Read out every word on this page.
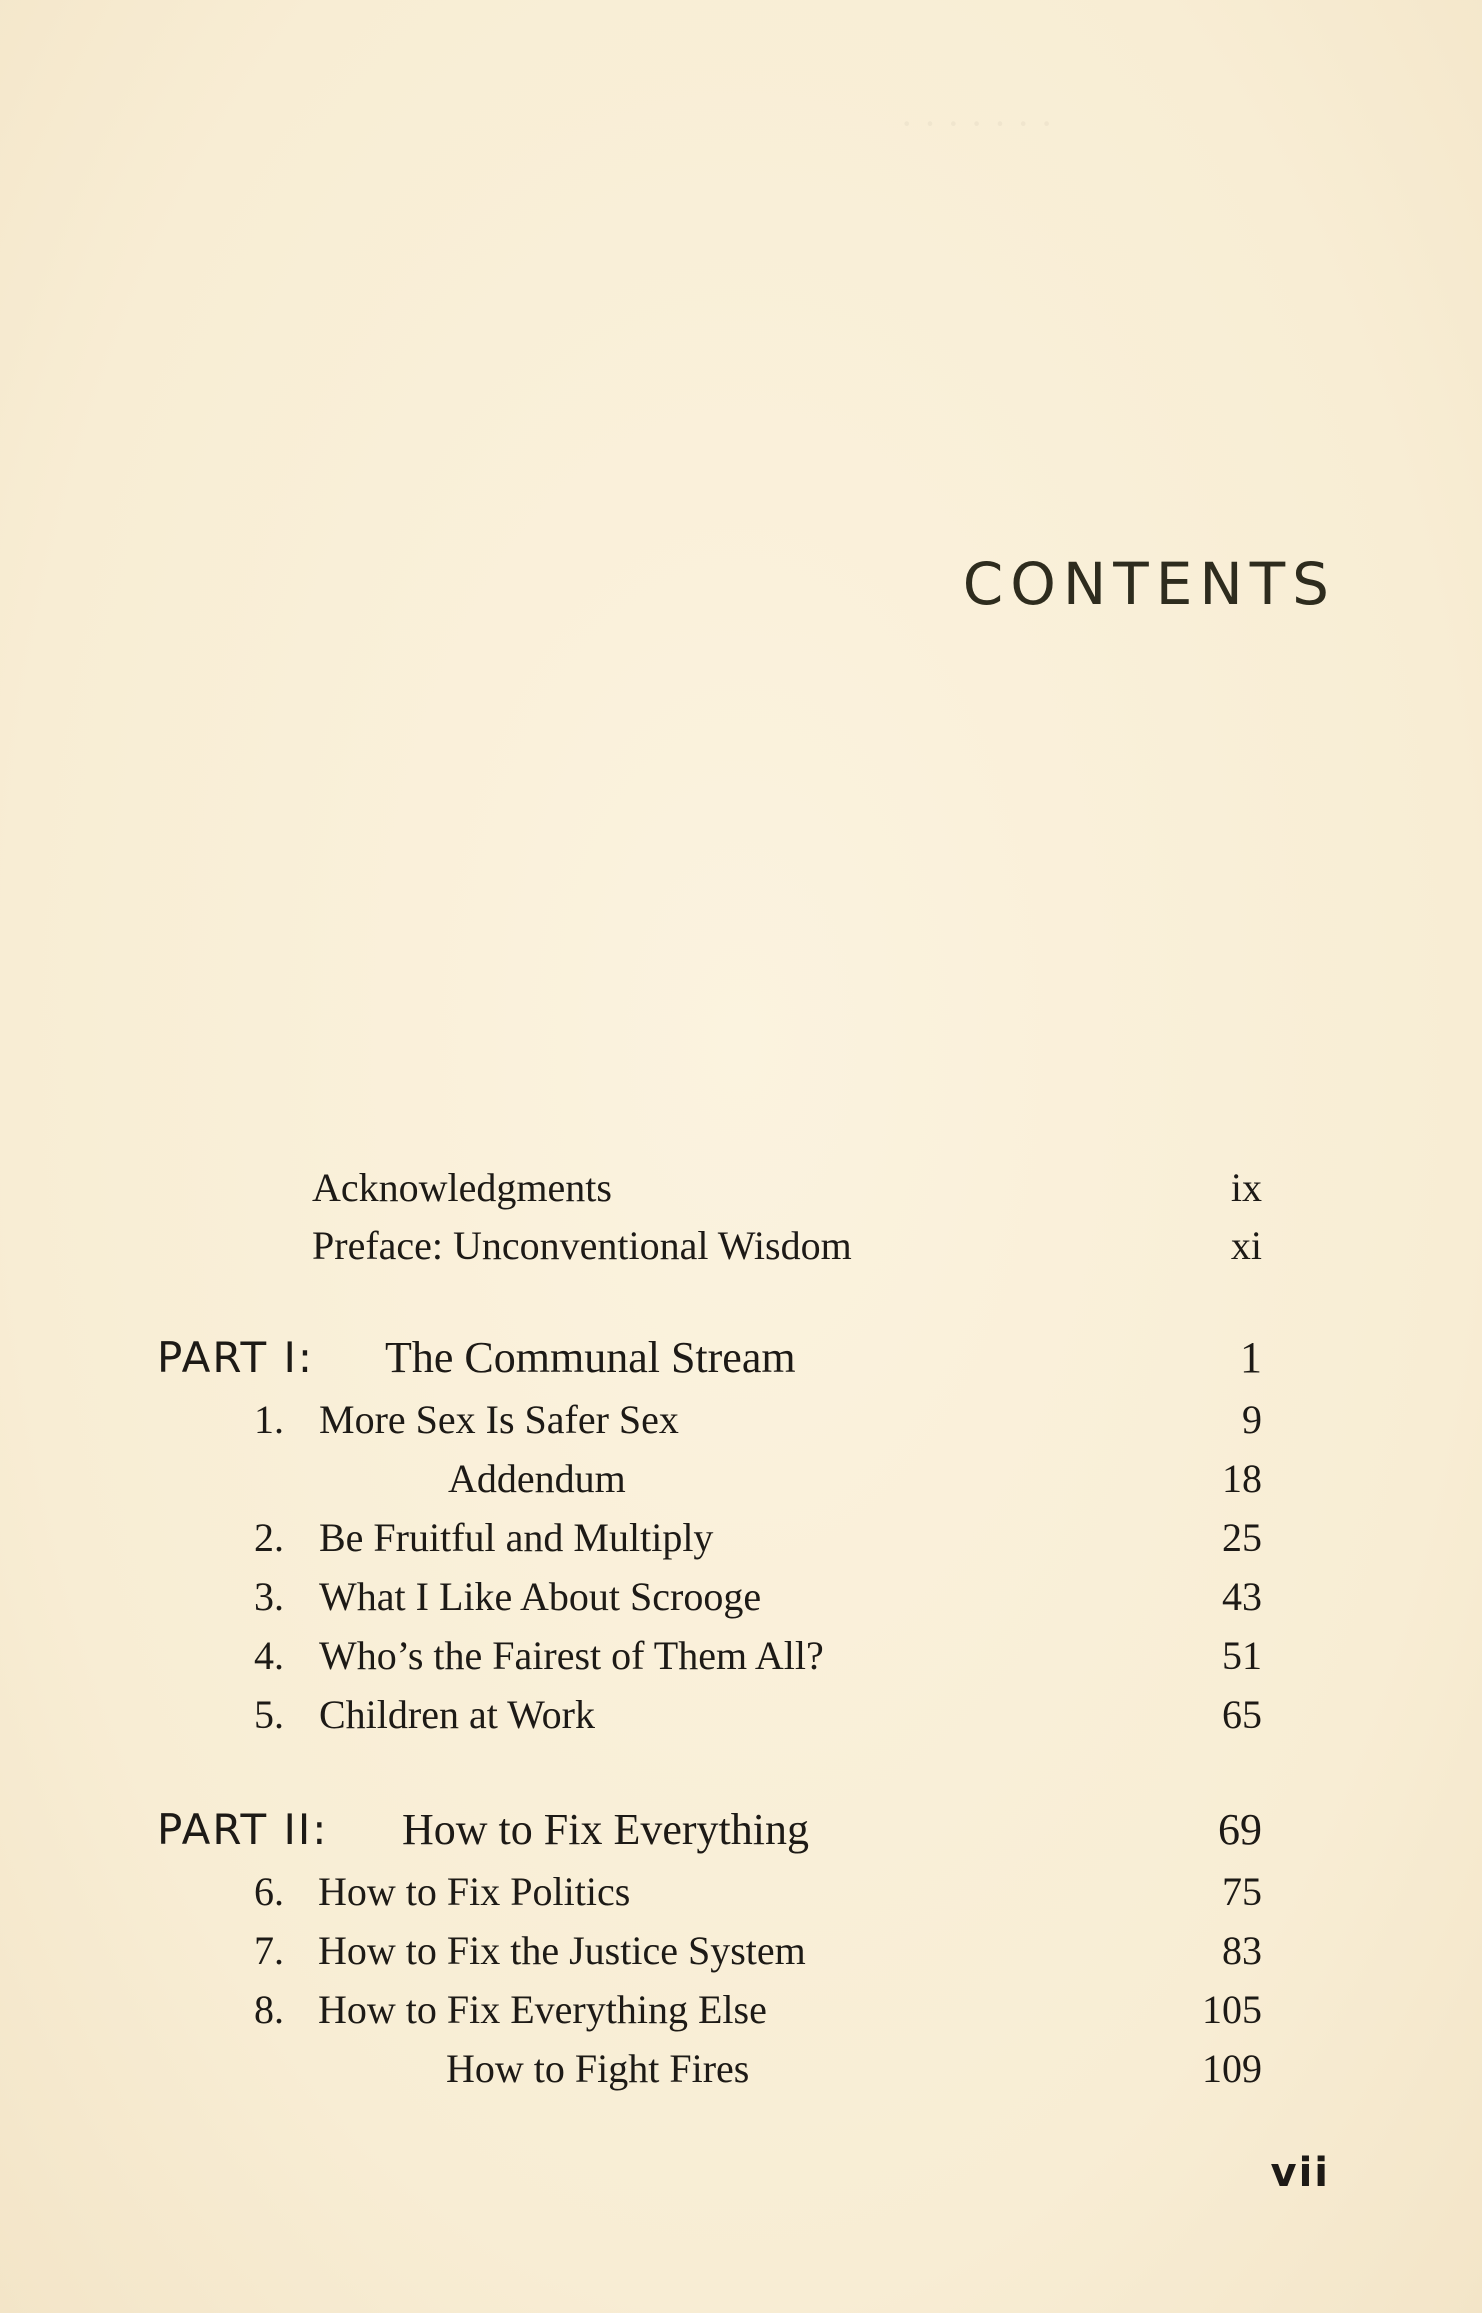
· · · · · · ·
CONTENTS
Acknowledgments	ix
Preface: Unconventional Wisdom	xi
PART I: The Communal Stream	1
1. More Sex Is Safer Sex	9
Addendum	18
2. Be Fruitful and Multiply	25
3. What I Like About Scrooge	43
4. Who’s the Fairest of Them All?	51
5. Children at Work	65
PART II: How to Fix Everything	69
6. How to Fix Politics	75
7. How to Fix the Justice System	83
8. How to Fix Everything Else	105
How to Fight Fires	109
vii
